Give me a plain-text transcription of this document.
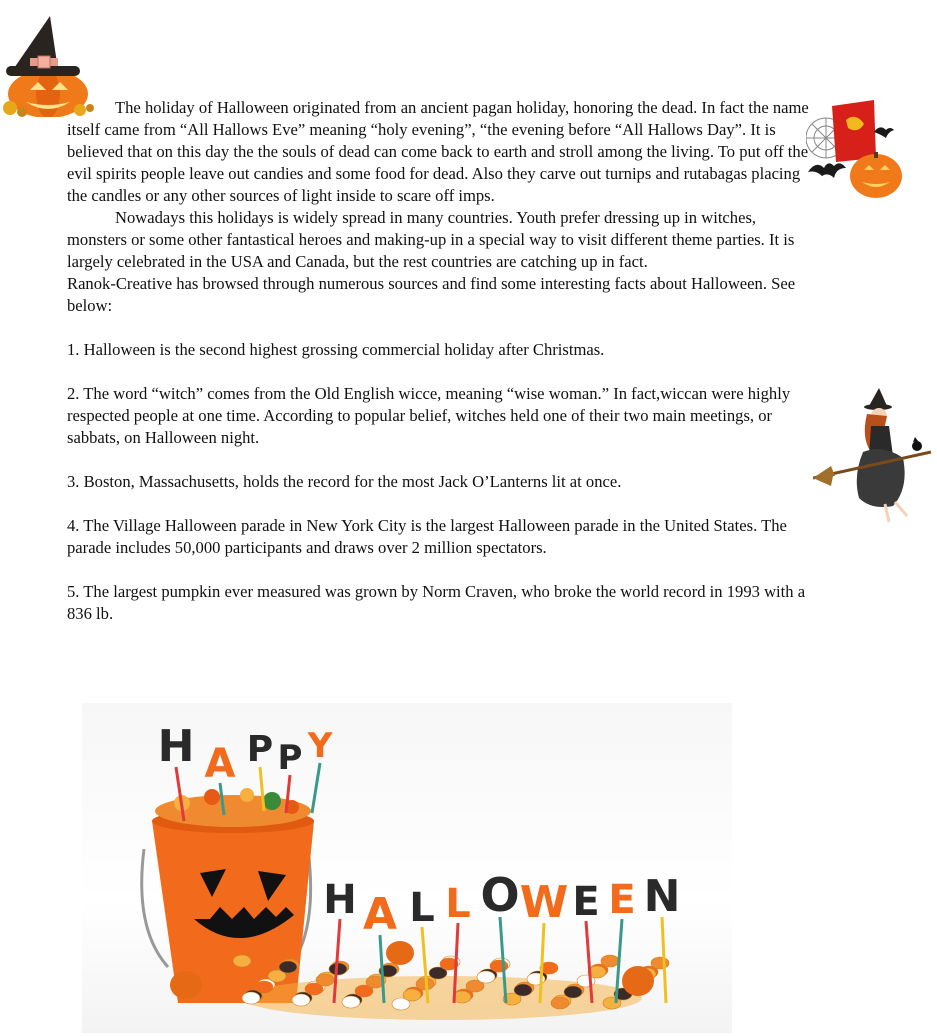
The holiday of Halloween originated from an ancient pagan holiday, honoring the dead. In fact the name itself came from “All Hallows Eve” meaning “holy evening”, “the evening before “All Hallows Day”. It is believed that on this day the the souls of dead can come back to earth and stroll among the living. To put off the evil spirits people leave out candies and some food for dead. Also they carve out turnips and rutabagas placing the candles or any other sources of light inside to scare off imps.

Nowadays this holidays is widely spread in many countries. Youth prefer dressing up in witches, monsters or some other fantastical heroes and making-up in a special way to visit different theme parties. It is largely celebrated in the USA and Canada, but the rest countries are catching up in fact.

Ranok-Creative has browsed through numerous sources and find some interesting facts about Halloween. See below:

1. Halloween is the second highest grossing commercial holiday after Christmas.

2. The word “witch” comes from the Old English wicce, meaning “wise woman.” In fact,wiccan were highly respected people at one time. According to popular belief, witches held one of their two main meetings, or sabbats, on Halloween night.

3. Boston, Massachusetts, holds the record for the most Jack O’Lanterns lit at once.

4. The Village Halloween parade in New York City is the largest Halloween parade in the United States. The parade includes 50,000 participants and draws over 2 million spectators.

5. The largest pumpkin ever measured was grown by Norm Craven, who broke the world record in 1993 with a 836 lb.

H A P P Y
H A L L O W E E N
